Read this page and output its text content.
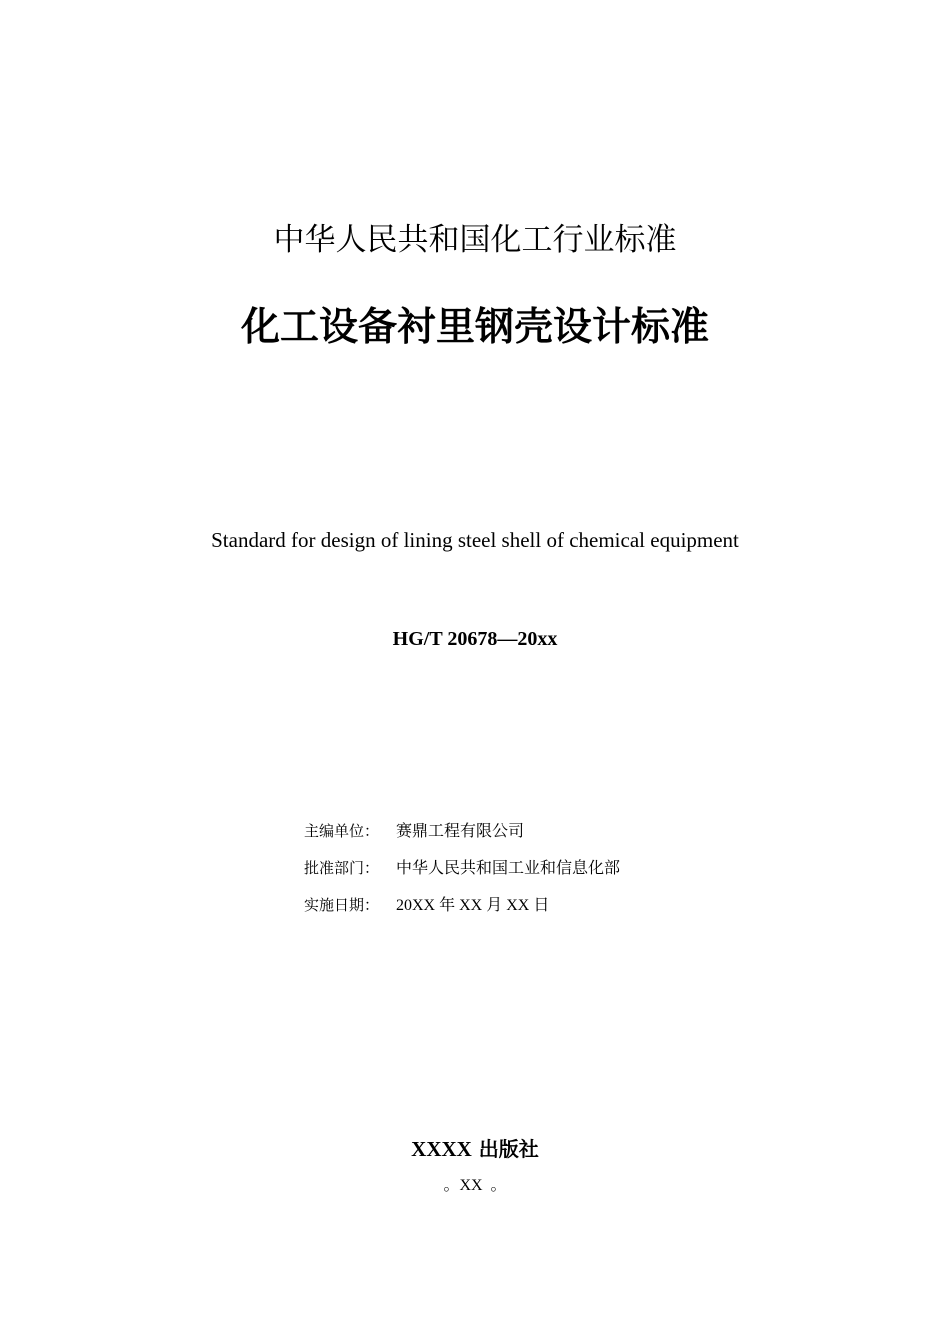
中华人民共和国化工行业标准
化工设备衬里钢壳设计标准
Standard for design of lining steel shell of chemical equipment
HG/T 20678—20xx
主编单位： 赛鼎工程有限公司
批准部门： 中华人民共和国工业和信息化部
实施日期： 20XX 年 XX 月 XX 日
XXXX 出版社
。XX  。
